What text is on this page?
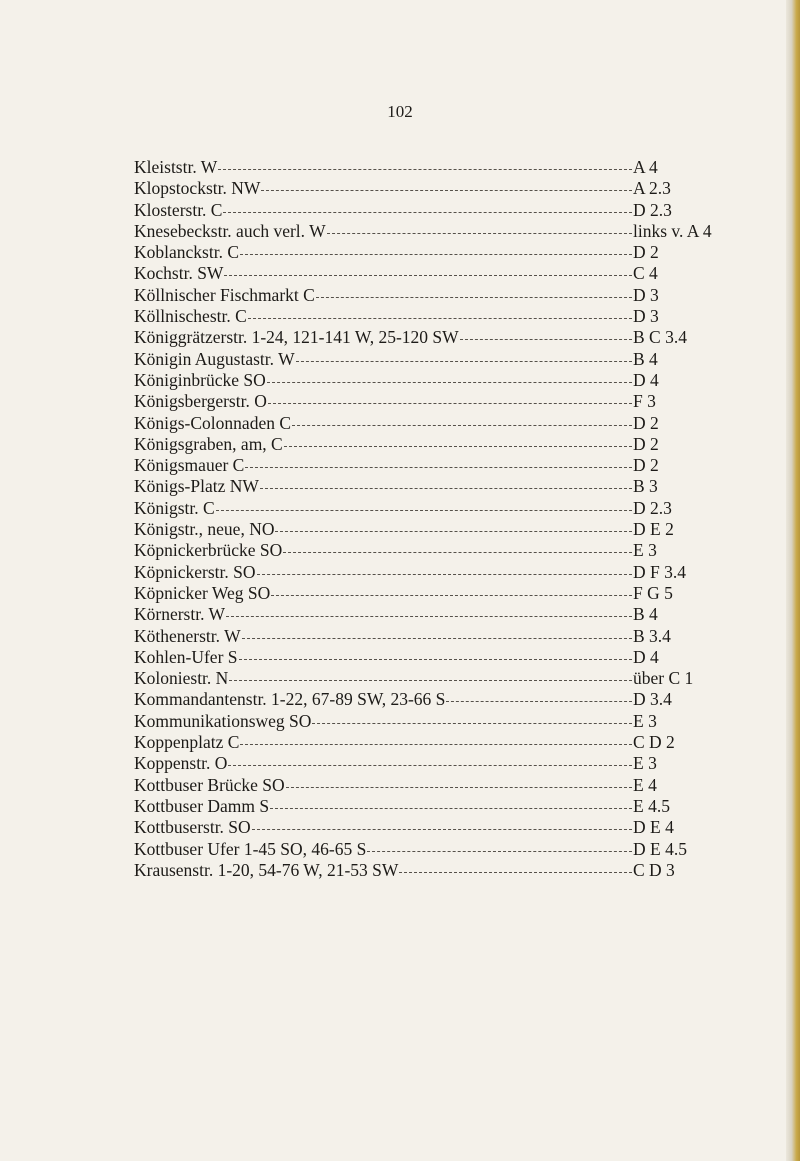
102
Kleiststr. W	A 4
Klopstockstr. NW	A 2.3
Klosterstr. C	D 2.3
Knesebeckstr. auch verl. W	links v. A 4
Koblanckstr. C	D 2
Kochstr. SW	C 4
Köllnischer Fischmarkt C	D 3
Köllnischestr. C	D 3
Königgrätzerstr. 1-24, 121-141 W, 25-120 SW	B C 3.4
Königin Augustastr. W	B 4
Königinbrücke SO	D 4
Königsbergerstr. O	F 3
Königs-Colonnaden C	D 2
Königsgraben, am, C	D 2
Königsmauer C	D 2
Königs-Platz NW	B 3
Königstr. C	D 2.3
Königstr., neue, NO	D E 2
Köpnickerbrücke SO	E 3
Köpnickerstr. SO	D F 3.4
Köpnicker Weg SO	F G 5
Körnerstr. W	B 4
Köthenerstr. W	B 3.4
Kohlen-Ufer S	D 4
Koloniestr. N	über C 1
Kommandantenstr. 1-22, 67-89 SW, 23-66 S	D 3.4
Kommunikationsweg SO	E 3
Koppenplatz C	C D 2
Koppenstr. O	E 3
Kottbuser Brücke SO	E 4
Kottbuser Damm S	E 4.5
Kottbuserstr. SO	D E 4
Kottbuser Ufer 1-45 SO, 46-65 S	D E 4.5
Krausenstr. 1-20, 54-76 W, 21-53 SW	C D 3
